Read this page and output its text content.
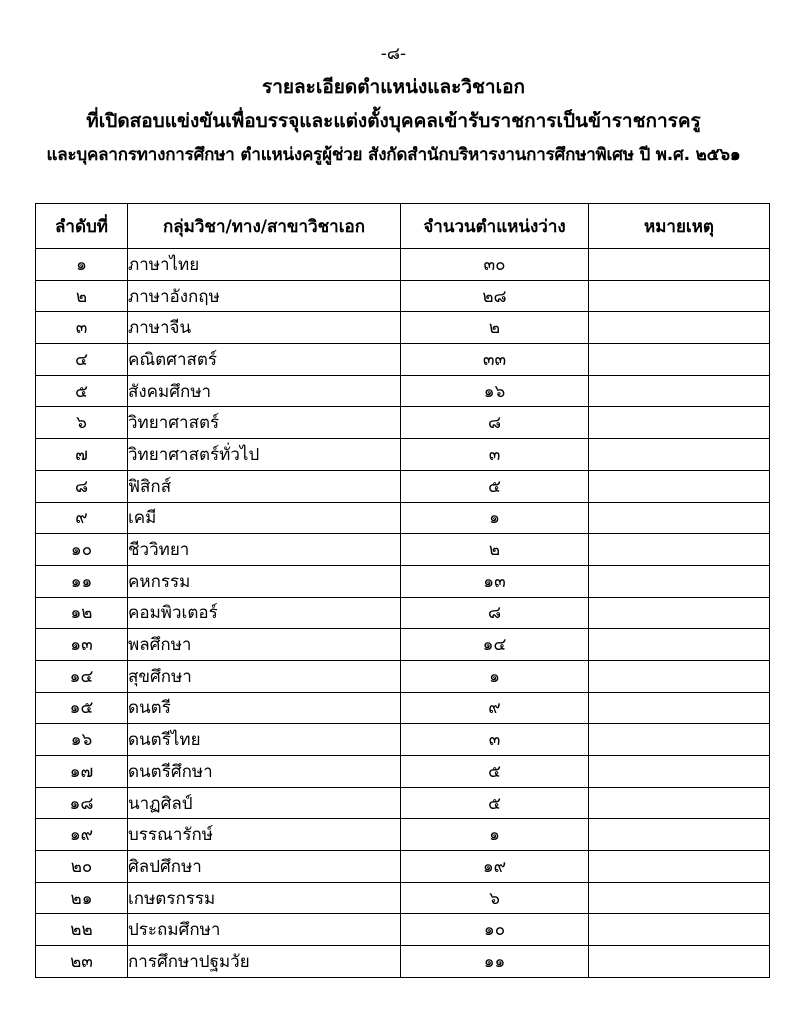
-๘-
รายละเอียดตำแหน่งและวิชาเอก
ที่เปิดสอบแข่งขันเพื่อบรรจุและแต่งตั้งบุคคลเข้ารับราชการเป็นข้าราชการครู
และบุคลากรทางการศึกษา ตำแหน่งครูผู้ช่วย สังกัดสำนักบริหารงานการศึกษาพิเศษ ปี พ.ศ. ๒๕๖๑
ลำดับที่	กลุ่มวิชา/ทาง/สาขาวิชาเอก	จำนวนตำแหน่งว่าง	หมายเหตุ
๑	ภาษาไทย	๓๐	
๒	ภาษาอังกฤษ	๒๘	
๓	ภาษาจีน	๒	
๔	คณิตศาสตร์	๓๓	
๕	สังคมศึกษา	๑๖	
๖	วิทยาศาสตร์	๘	
๗	วิทยาศาสตร์ทั่วไป	๓	
๘	ฟิสิกส์	๕	
๙	เคมี	๑	
๑๐	ชีววิทยา	๒	
๑๑	คหกรรม	๑๓	
๑๒	คอมพิวเตอร์	๘	
๑๓	พลศึกษา	๑๔	
๑๔	สุขศึกษา	๑	
๑๕	ดนตรี	๙	
๑๖	ดนตรีไทย	๓	
๑๗	ดนตรีศึกษา	๕	
๑๘	นาฏศิลป์	๕	
๑๙	บรรณารักษ์	๑	
๒๐	ศิลปศึกษา	๑๙	
๒๑	เกษตรกรรม	๖	
๒๒	ประถมศึกษา	๑๐	
๒๓	การศึกษาปฐมวัย	๑๑	
